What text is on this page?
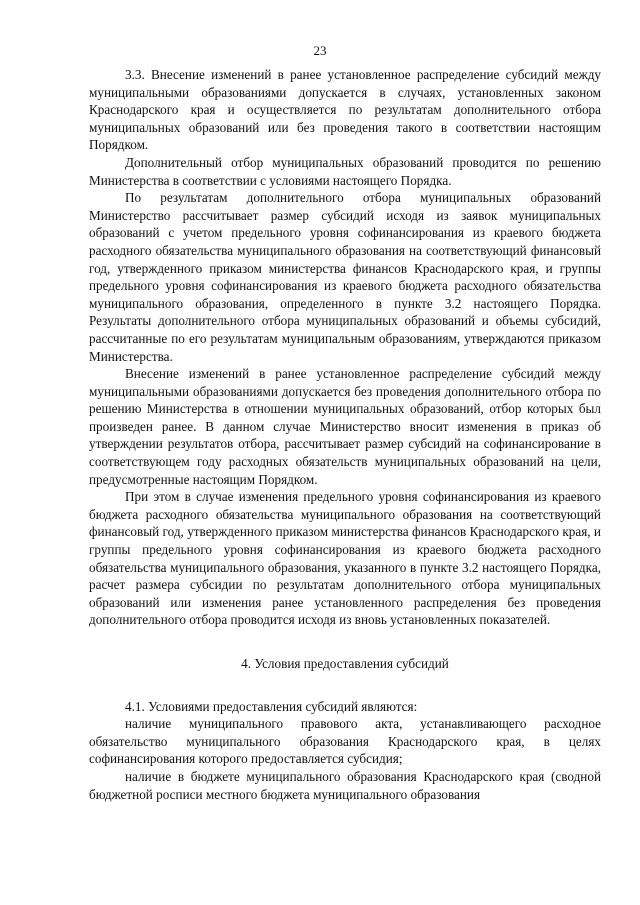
23

3.3. Внесение изменений в ранее установленное распределение субсидий между муниципальными образованиями допускается в случаях, установленных законом Краснодарского края и осуществляется по результатам дополнительного отбора муниципальных образований или без проведения такого в соответствии настоящим Порядком.

Дополнительный отбор муниципальных образований проводится по решению Министерства в соответствии с условиями настоящего Порядка.

По результатам дополнительного отбора муниципальных образований Министерство рассчитывает размер субсидий исходя из заявок муниципальных образований с учетом предельного уровня софинансирования из краевого бюджета расходного обязательства муниципального образования на соответствующий финансовый год, утвержденного приказом министерства финансов Краснодарского края, и группы предельного уровня софинансирования из краевого бюджета расходного обязательства муниципального образования, определенного в пункте 3.2 настоящего Порядка. Результаты дополнительного отбора муниципальных образований и объемы субсидий, рассчитанные по его результатам муниципальным образованиям, утверждаются приказом Министерства.

Внесение изменений в ранее установленное распределение субсидий между муниципальными образованиями допускается без проведения дополнительного отбора по решению Министерства в отношении муниципальных образований, отбор которых был произведен ранее. В данном случае Министерство вносит изменения в приказ об утверждении результатов отбора, рассчитывает размер субсидий на софинансирование в соответствующем году расходных обязательств муниципальных образований на цели, предусмотренные настоящим Порядком.

При этом в случае изменения предельного уровня софинансирования из краевого бюджета расходного обязательства муниципального образования на соответствующий финансовый год, утвержденного приказом министерства финансов Краснодарского края, и группы предельного уровня софинансирования из краевого бюджета расходного обязательства муниципального образования, указанного в пункте 3.2 настоящего Порядка, расчет размера субсидии по результатам дополнительного отбора муниципальных образований или изменения ранее установленного распределения без проведения дополнительного отбора проводится исходя из вновь установленных показателей.

4. Условия предоставления субсидий

4.1. Условиями предоставления субсидий являются:

наличие муниципального правового акта, устанавливающего расходное обязательство муниципального образования Краснодарского края, в целях софинансирования которого предоставляется субсидия;

наличие в бюджете муниципального образования Краснодарского края (сводной бюджетной росписи местного бюджета муниципального образования
